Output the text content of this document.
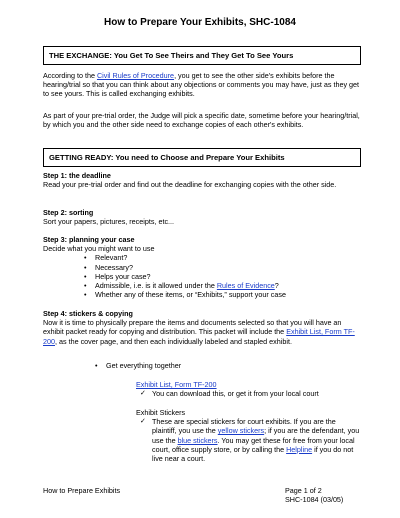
How to Prepare Your Exhibits, SHC-1084
THE EXCHANGE: You Get To See Theirs and They Get To See Yours
According to the Civil Rules of Procedure, you get to see the other side's exhibits before the hearing/trial so that you can think about any objections or comments you may have, just as they get to see yours. This is called exchanging exhibits.
As part of your pre-trial order, the Judge will pick a specific date, sometime before your hearing/trial, by which you and the other side need to exchange copies of each other's exhibits.
GETTING READY: You need to Choose and Prepare Your Exhibits
Step 1: the deadline
Read your pre-trial order and find out the deadline for exchanging copies with the other side.
Step 2: sorting
Sort your papers, pictures, receipts, etc...
Step 3: planning your case
Decide what you might want to use
• Relevant?
• Necessary?
• Helps your case?
• Admissible, i.e. is it allowed under the Rules of Evidence?
• Whether any of these items, or “Exhibits,” support your case
Step 4: stickers & copying
Now it is time to physically prepare the items and documents selected so that you will have an exhibit packet ready for copying and distribution. This packet will include the Exhibit List, Form TF-200, as the cover page, and then each individually labeled and stapled exhibit.
• Get everything together
Exhibit List, Form TF-200
✓ You can download this, or get it from your local court
Exhibit Stickers
✓ These are special stickers for court exhibits. If you are the plaintiff, you use the yellow stickers; if you are the defendant, you use the blue stickers. You may get these for free from your local court, office supply store, or by calling the Helpline if you do not live near a court.
How to Prepare Exhibits	Page 1 of 2
SHC-1084 (03/05)
